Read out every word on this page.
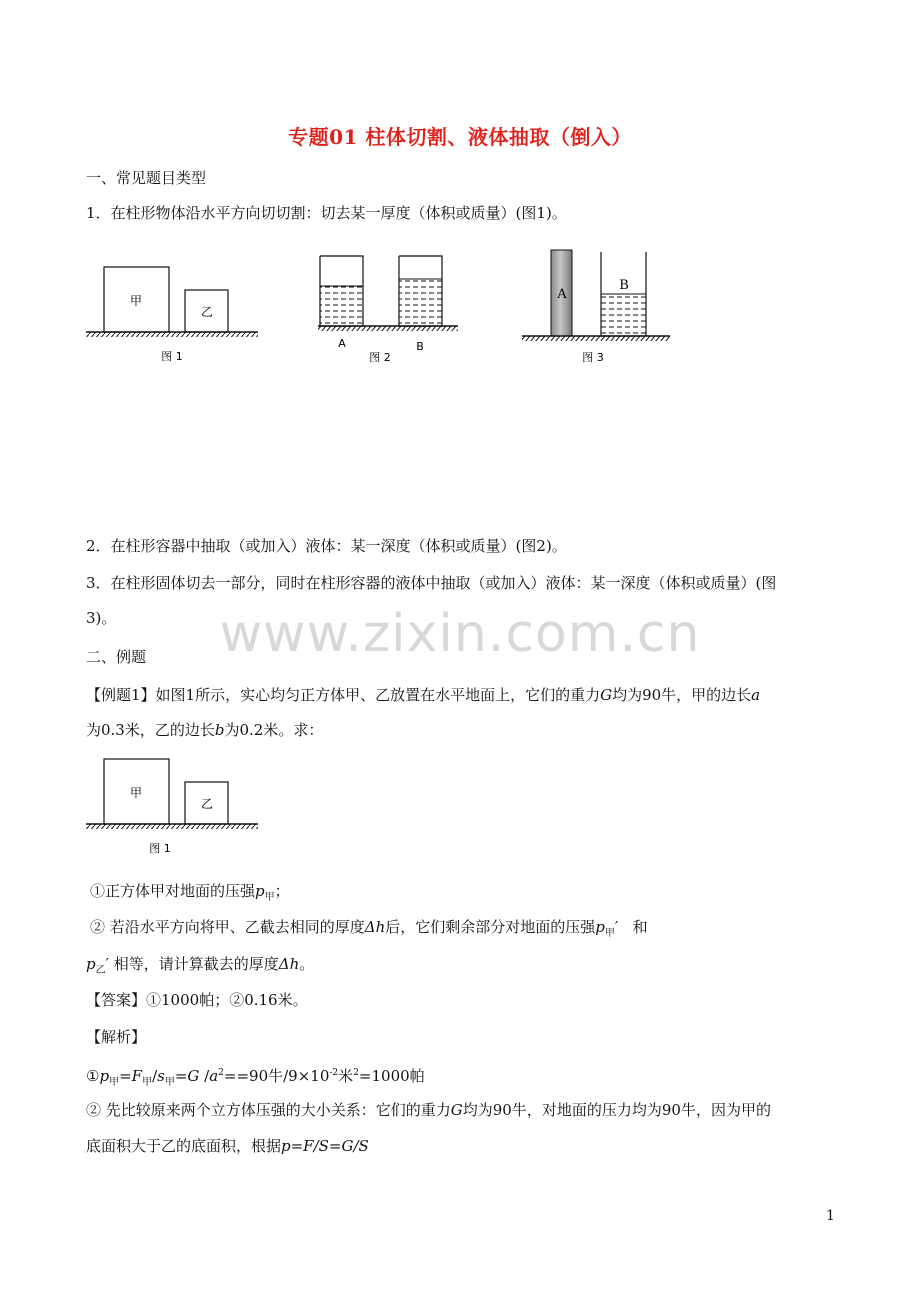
专题01 柱体切割、液体抽取（倒入）
一、常见题目类型
1．在柱形物体沿水平方向切切割：切去某一厚度（体积或质量）(图1)。
甲
乙
图 1
A	B
图 2
A
B
图 3
2．在柱形容器中抽取（或加入）液体：某一深度（体积或质量）(图2)。
3．在柱形固体切去一部分，同时在柱形容器的液体中抽取（或加入）液体：某一深度（体积或质量）(图
3)。	www.zixin.com.cn
二、例题
【例题1】如图1所示，实心均匀正方体甲、乙放置在水平地面上，它们的重力G均为90牛，甲的边长a
为0.3米，乙的边长b为0.2米。求：
甲
乙
图 1
①正方体甲对地面的压强$p_甲$；
② 若沿水平方向将甲、乙截去相同的厚度Δh后，它们剩余部分对地面的压强$p_甲'$ 和
$p_乙'$ 相等，请计算截去的厚度Δh。
【答案】①1000帕；②0.16米。
【解析】
$①p_甲=F_甲/s_甲=G$ $/a^2==90$牛$/9\times 10^{-2}$米$^2$=1000帕
② 先比较原来两个立方体压强的大小关系：它们的重力G均为90牛，对地面的压力均为90牛，因为甲的
底面积大于乙的底面积，根据p=F/S=G/S
1
